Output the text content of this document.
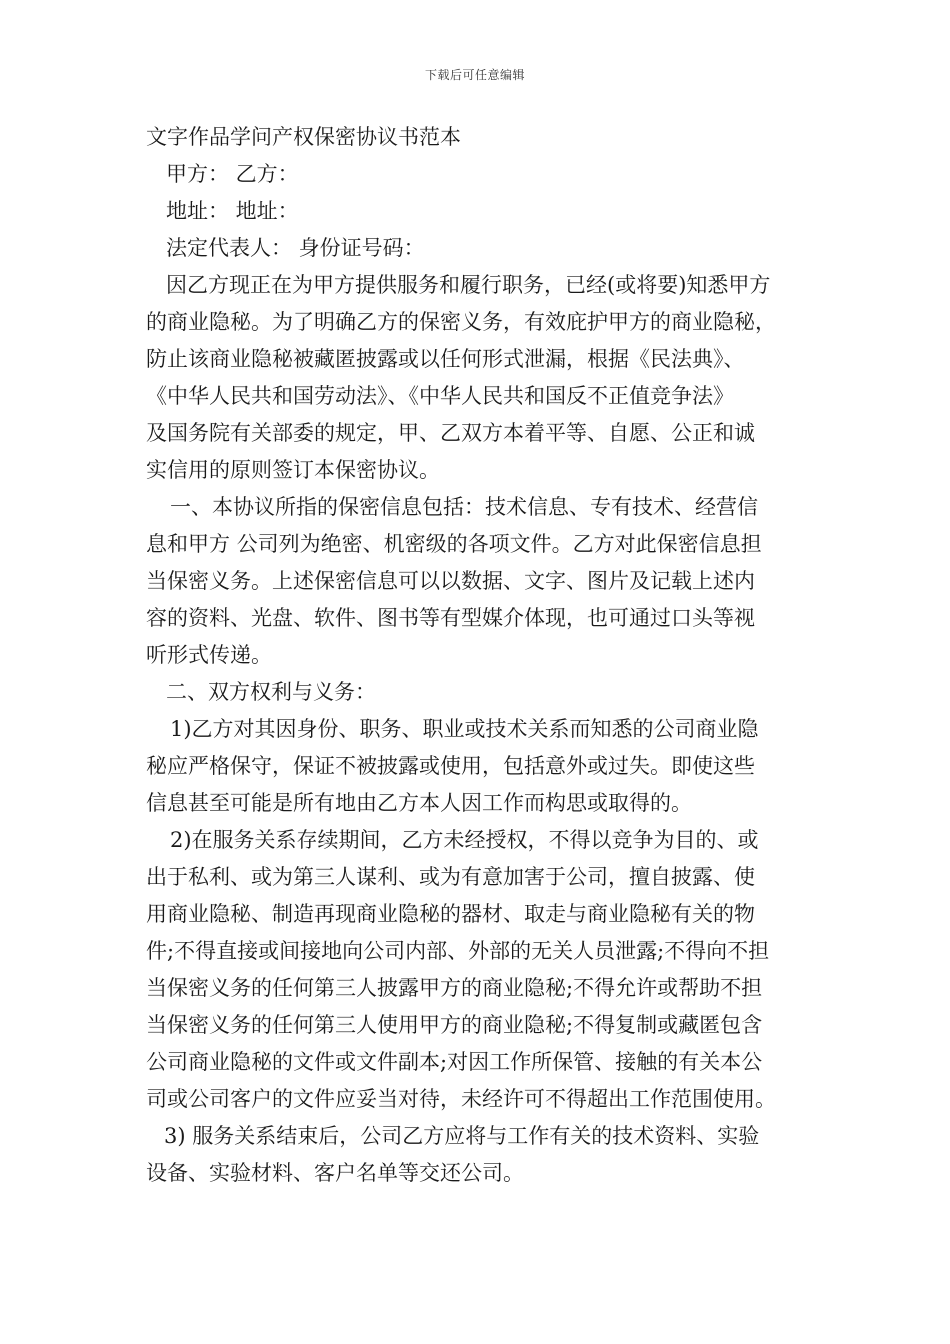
下载后可任意编辑
文字作品学问产权保密协议书范本
甲方： 乙方：
地址： 地址：
法定代表人： 身份证号码：
因乙方现正在为甲方提供服务和履行职务，已经(或将要)知悉甲方
的商业隐秘。为了明确乙方的保密义务，有效庇护甲方的商业隐秘，
防止该商业隐秘被藏匿披露或以任何形式泄漏，根据《民法典》、
《中华人民共和国劳动法》、《中华人民共和国反不正值竞争法》
及国务院有关部委的规定，甲、乙双方本着平等、自愿、公正和诚
实信用的原则签订本保密协议。
一、本协议所指的保密信息包括：技术信息、专有技术、经营信
息和甲方 公司列为绝密、机密级的各项文件。乙方对此保密信息担
当保密义务。上述保密信息可以以数据、文字、图片及记载上述内
容的资料、光盘、软件、图书等有型媒介体现，也可通过口头等视
听形式传递。
二、双方权利与义务：
1)乙方对其因身份、职务、职业或技术关系而知悉的公司商业隐
秘应严格保守，保证不被披露或使用，包括意外或过失。即使这些
信息甚至可能是所有地由乙方本人因工作而构思或取得的。
2)在服务关系存续期间，乙方未经授权，不得以竞争为目的、或
出于私利、或为第三人谋利、或为有意加害于公司，擅自披露、使
用商业隐秘、制造再现商业隐秘的器材、取走与商业隐秘有关的物
件;不得直接或间接地向公司内部、外部的无关人员泄露;不得向不担
当保密义务的任何第三人披露甲方的商业隐秘;不得允许或帮助不担
当保密义务的任何第三人使用甲方的商业隐秘;不得复制或藏匿包含
公司商业隐秘的文件或文件副本;对因工作所保管、接触的有关本公
司或公司客户的文件应妥当对待，未经许可不得超出工作范围使用。
3) 服务关系结束后，公司乙方应将与工作有关的技术资料、实验
设备、实验材料、客户名单等交还公司。
